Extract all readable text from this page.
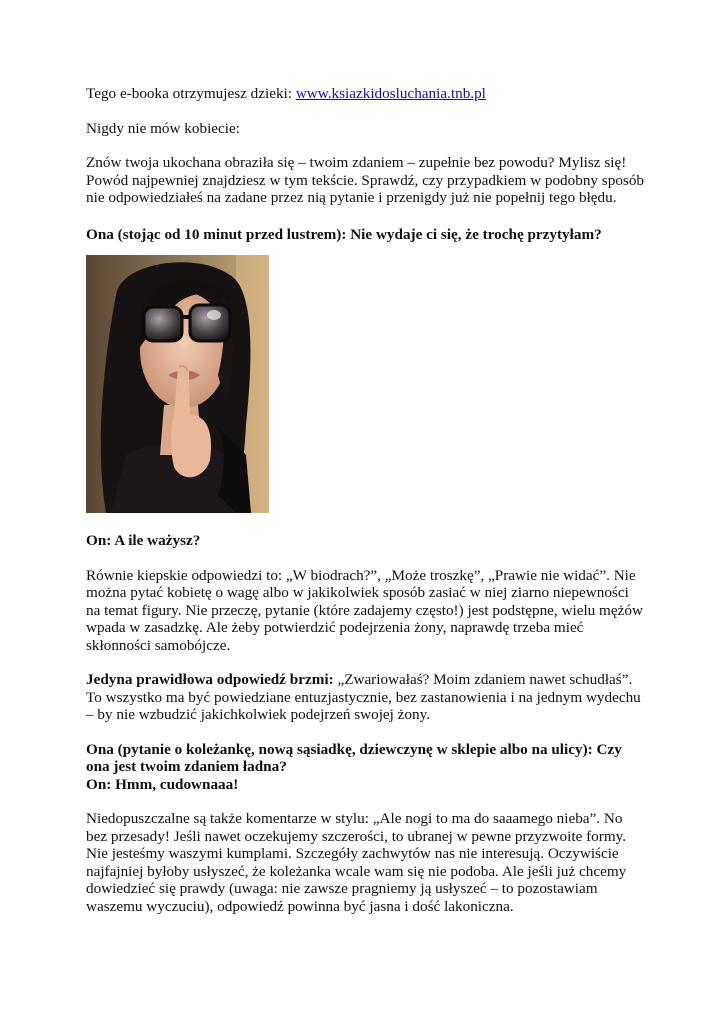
Tego e-booka otrzymujesz dzieki: www.ksiazkidosluchania.tnb.pl

Nigdy nie mów kobiecie:

Znów twoja ukochana obraziła się – twoim zdaniem – zupełnie bez powodu? Mylisz się! Powód najpewniej znajdziesz w tym tekście. Sprawdź, czy przypadkiem w podobny sposób nie odpowiedziałeś na zadane przez nią pytanie i przenigdy już nie popełnij tego błędu.

Ona (stojąc od 10 minut przed lustrem): Nie wydaje ci się, że trochę przytyłam?

On: A ile ważysz?

Równie kiepskie odpowiedzi to: „W biodrach?”, „Może troszkę”, „Prawie nie widać”. Nie można pytać kobietę o wagę albo w jakikolwiek sposób zasiać w niej ziarno niepewności na temat figury. Nie przeczę, pytanie (które zadajemy często!) jest podstępne, wielu mężów wpada w zasadzkę. Ale żeby potwierdzić podejrzenia żony, naprawdę trzeba mieć skłonności samobójcze.

Jedyna prawidłowa odpowiedź brzmi: „Zwariowałaś? Moim zdaniem nawet schudłaś”. To wszystko ma być powiedziane entuzjastycznie, bez zastanowienia i na jednym wydechu – by nie wzbudzić jakichkolwiek podejrzeń swojej żony.

Ona (pytanie o koleżankę, nową sąsiadkę, dziewczynę w sklepie albo na ulicy): Czy ona jest twoim zdaniem ładna?
On: Hmm, cudownaaa!

Niedopuszczalne są także komentarze w stylu: „Ale nogi to ma do saaamego nieba”. No bez przesady! Jeśli nawet oczekujemy szczerości, to ubranej w pewne przyzwoite formy. Nie jesteśmy waszymi kumplami. Szczegóły zachwytów nas nie interesują. Oczywiście najfajniej byłoby usłyszeć, że koleżanka wcale wam się nie podoba. Ale jeśli już chcemy dowiedzieć się prawdy (uwaga: nie zawsze pragniemy ją usłyszeć – to pozostawiam waszemu wyczuciu), odpowiedź powinna być jasna i dość lakoniczna.
